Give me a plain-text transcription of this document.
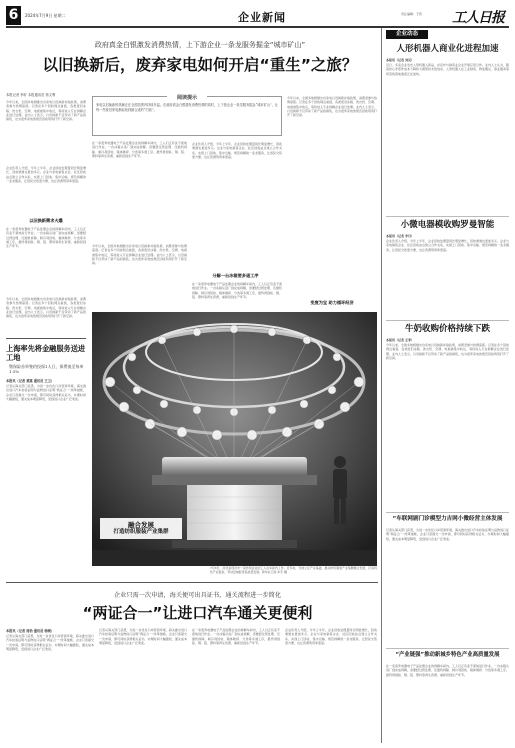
6	2024年7月9日 星期二	企业新闻	责任编辑：于莉	工人日报
政府真金白银激发消费热情，上下游企业一条龙服务掘金“城市矿山”
以旧换新后，废弃家电如何开启“重生”之旅？
本报记者 李轩 本报通讯员 杨文利
今年以来，全国多地相继出台家电以旧换新补贴政策，消费者参与热情高涨。记者在多个回收网点看到，各类废旧冰箱、洗衣机、空调、电视被集中收运，等待进入专业拆解企业进行处理。业内人士表示，以旧换新不仅带动了新产品的销售，也为废弃家电的规范回收利用打开了新空间。
企业负责人介绍，今年上半年，企业回收处理量同比明显增长，回收渠道也更加多元。企业与家电销售企业、社区回收站点建立合作关系，实现上门回收、集中运输、规范拆解的一条龙服务，让居民交售更方便，也让资源利用率更高。
以旧换新需求火爆
在一家废弃电器电子产品处理企业的拆解车间内，工人们正有条不紊地进行作业。一台冰箱从进厂到完成拆解，需要经过预处理、压缩机拆除、制冷剂回收、箱体破碎、分选等多道工序，最终得到铁、铜、铝、塑料等再生资源，重新回到生产环节。
今年以来，全国多地相继出台家电以旧换新补贴政策，消费者参与热情高涨。记者在多个回收网点看到，各类废旧冰箱、洗衣机、空调、电视被集中收运，等待进入专业拆解企业进行处理。业内人士表示，以旧换新不仅带动了新产品的销售，也为废弃家电的规范回收利用打开了新空间。
上海率先将金融服务送进工地
暨保险首单签约投保1人日，保费低至每单1.5%
本报讯（记者 黄嵩 通讯员 王卫）
记者从海关部门获悉，为进一步优化口岸营商环境，海关推出进口汽车检验证明与货物进口证明“两证合一”改革措施，企业只需提交一次申请，即可同时获得相关证书，办理时间大幅缩短，通关成本明显降低，受到进口企业广泛欢迎。
阅读提示
家电以旧换新的热潮正在全国范围内持续升温。在政府真金白银激发消费热情的同时，上下游企业一条龙服务掘金“城市矿山”，让每一件废旧家电都能找到最合适的“归宿”。
在一家废弃电器电子产品处理企业的拆解车间内，工人们正有条不紊地进行作业。一台冰箱从进厂到完成拆解，需要经过预处理、压缩机拆除、制冷剂回收、箱体破碎、分选等多道工序，最终得到铁、铜、铝、塑料等再生资源，重新回到生产环节。
分解一台冰箱要多道工序
企业负责人介绍，今年上半年，企业回收处理量同比明显增长，回收渠道也更加多元。企业与家电销售企业、社区回收站点建立合作关系，实现上门回收、集中运输、规范拆解的一条龙服务，让居民交售更方便，也让资源利用率更高。
今年以来，全国多地相继出台家电以旧换新补贴政策，消费者参与热情高涨。记者在多个回收网点看到，各类废旧冰箱、洗衣机、空调、电视被集中收运，等待进入专业拆解企业进行处理。业内人士表示，以旧换新不仅带动了新产品的销售，也为废弃家电的规范回收利用打开了新空间。
在一家废弃电器电子产品处理企业的拆解车间内，工人们正有条不紊地进行作业。一台冰箱从进厂到完成拆解，需要经过预处理、压缩机拆除、制冷剂回收、箱体破碎、分选等多道工序，最终得到铁、铜、铝、塑料等再生资源，重新回到生产环节。
今年以来，全国多地相继出台家电以旧换新补贴政策，消费者参与热情高涨。记者在多个回收网点看到，各类废旧冰箱、洗衣机、空调、电视被集中收运，等待进入专业拆解企业进行处理。业内人士表示，以旧换新不仅带动了新产品的销售，也为废弃家电的规范回收利用打开了新空间。
变废为宝 助力循环经济
融合发展
打造纺织服装产业集群
7月8日，河北省邢台市一家纺织企业的工人在车间内工作。近年来，当地立足产业基础，推动纺织服装产业集群融合发展，打造特色产业链条，带动县域经济高质量发展。新华社记者 牟宇 摄
企业只需一次申请，海关便可出具证书，通关流程进一步简化
“两证合一”让进口汽车通关更便利
本报讯（记者 周怡 通讯员 杨晓）
记者从海关部门获悉，为进一步优化口岸营商环境，海关推出进口汽车检验证明与货物进口证明“两证合一”改革措施，企业只需提交一次申请，即可同时获得相关证书，办理时间大幅缩短，通关成本明显降低，受到进口企业广泛欢迎。
记者从海关部门获悉，为进一步优化口岸营商环境，海关推出进口汽车检验证明与货物进口证明“两证合一”改革措施，企业只需提交一次申请，即可同时获得相关证书，办理时间大幅缩短，通关成本明显降低，受到进口企业广泛欢迎。
在一家废弃电器电子产品处理企业的拆解车间内，工人们正有条不紊地进行作业。一台冰箱从进厂到完成拆解，需要经过预处理、压缩机拆除、制冷剂回收、箱体破碎、分选等多道工序，最终得到铁、铜、铝、塑料等再生资源，重新回到生产环节。
企业负责人介绍，今年上半年，企业回收处理量同比明显增长，回收渠道也更加多元。企业与家电销售企业、社区回收站点建立合作关系，实现上门回收、集中运输、规范拆解的一条龙服务，让居民交售更方便，也让资源利用率更高。
企业动态
人形机器人商业化进程加速
本报讯（记者 刘昊）
近日，多家企业发布人形机器人新品，并宣布与制造业企业开展应用合作。业内人士认为，随着核心零部件成本下降和大模型技术的进步，人形机器人在工业制造、物流搬运、商业服务等场景的落地速度正在加快。
小微电器模收购罗曼智能
本报讯（记者 李丹）
企业负责人介绍，今年上半年，企业回收处理量同比明显增长，回收渠道也更加多元。企业与家电销售企业、社区回收站点建立合作关系，实现上门回收、集中运输、规范拆解的一条龙服务，让居民交售更方便，也让资源利用率更高。
牛奶收购价格持续下跌
本报讯（记者 王菲）
今年以来，全国多地相继出台家电以旧换新补贴政策，消费者参与热情高涨。记者在多个回收网点看到，各类废旧冰箱、洗衣机、空调、电视被集中收运，等待进入专业拆解企业进行处理。业内人士表示，以旧换新不仅带动了新产品的销售，也为废弃家电的规范回收利用打开了新空间。
“车联网剧门诊模型力吉网小微经营主体发展
记者从海关部门获悉，为进一步优化口岸营商环境，海关推出进口汽车检验证明与货物进口证明“两证合一”改革措施，企业只需提交一次申请，即可同时获得相关证书，办理时间大幅缩短，通关成本明显降低，受到进口企业广泛欢迎。
“产业链强”推动新城乡特色产业高质量发展
在一家废弃电器电子产品处理企业的拆解车间内，工人们正有条不紊地进行作业。一台冰箱从进厂到完成拆解，需要经过预处理、压缩机拆除、制冷剂回收、箱体破碎、分选等多道工序，最终得到铁、铜、铝、塑料等再生资源，重新回到生产环节。
